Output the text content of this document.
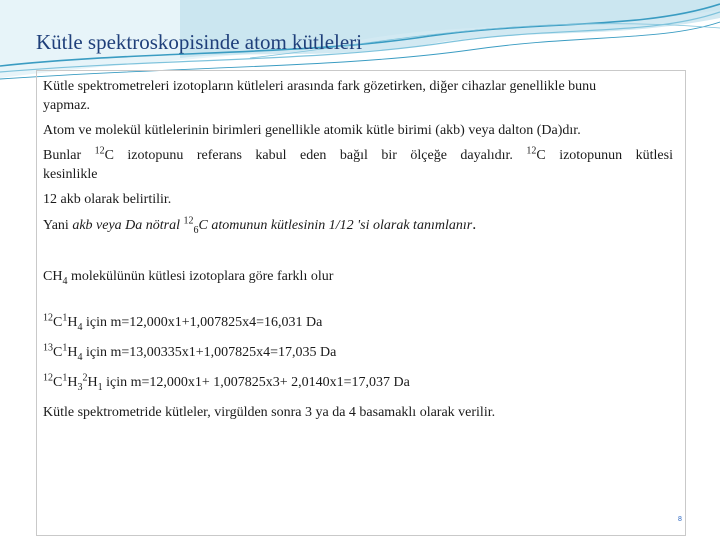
Kütle spektroskopisinde atom kütleleri

Kütle spektrometreleri izotopların kütleleri arasında fark gözetirken, diğer cihazlar genellikle bunu

yapmaz.

Atom ve molekül kütlelerinin birimleri genellikle atomik kütle birimi (akb) veya dalton (Da)dır.

Bunlar $^{12}$C izotopunu referans kabul eden bağıl bir ölçeğe dayalıdır. $^{12}$C izotopunun kütlesi

kesinlikle

12 akb olarak belirtilir.

Yani akb veya Da nötral $^{12}_6$C atomunun kütlesinin 1/12 'si olarak tanımlanır.

$CH_4$ molekülünün kütlesi izotoplara göre farklı olur

$^{12}C^1H_4$ için m=12,000x1+1,007825x4=16,031 Da

$^{13}C^1H_4$ için m=13,00335x1+1,007825x4=17,035 Da

$^{12}C^1H_3^2H_1$ için m=12,000x1+ 1,007825x3+ 2,0140x1=17,037 Da

Kütle spektrometride kütleler, virgülden sonra 3 ya da 4 basamaklı olarak verilir.

8
